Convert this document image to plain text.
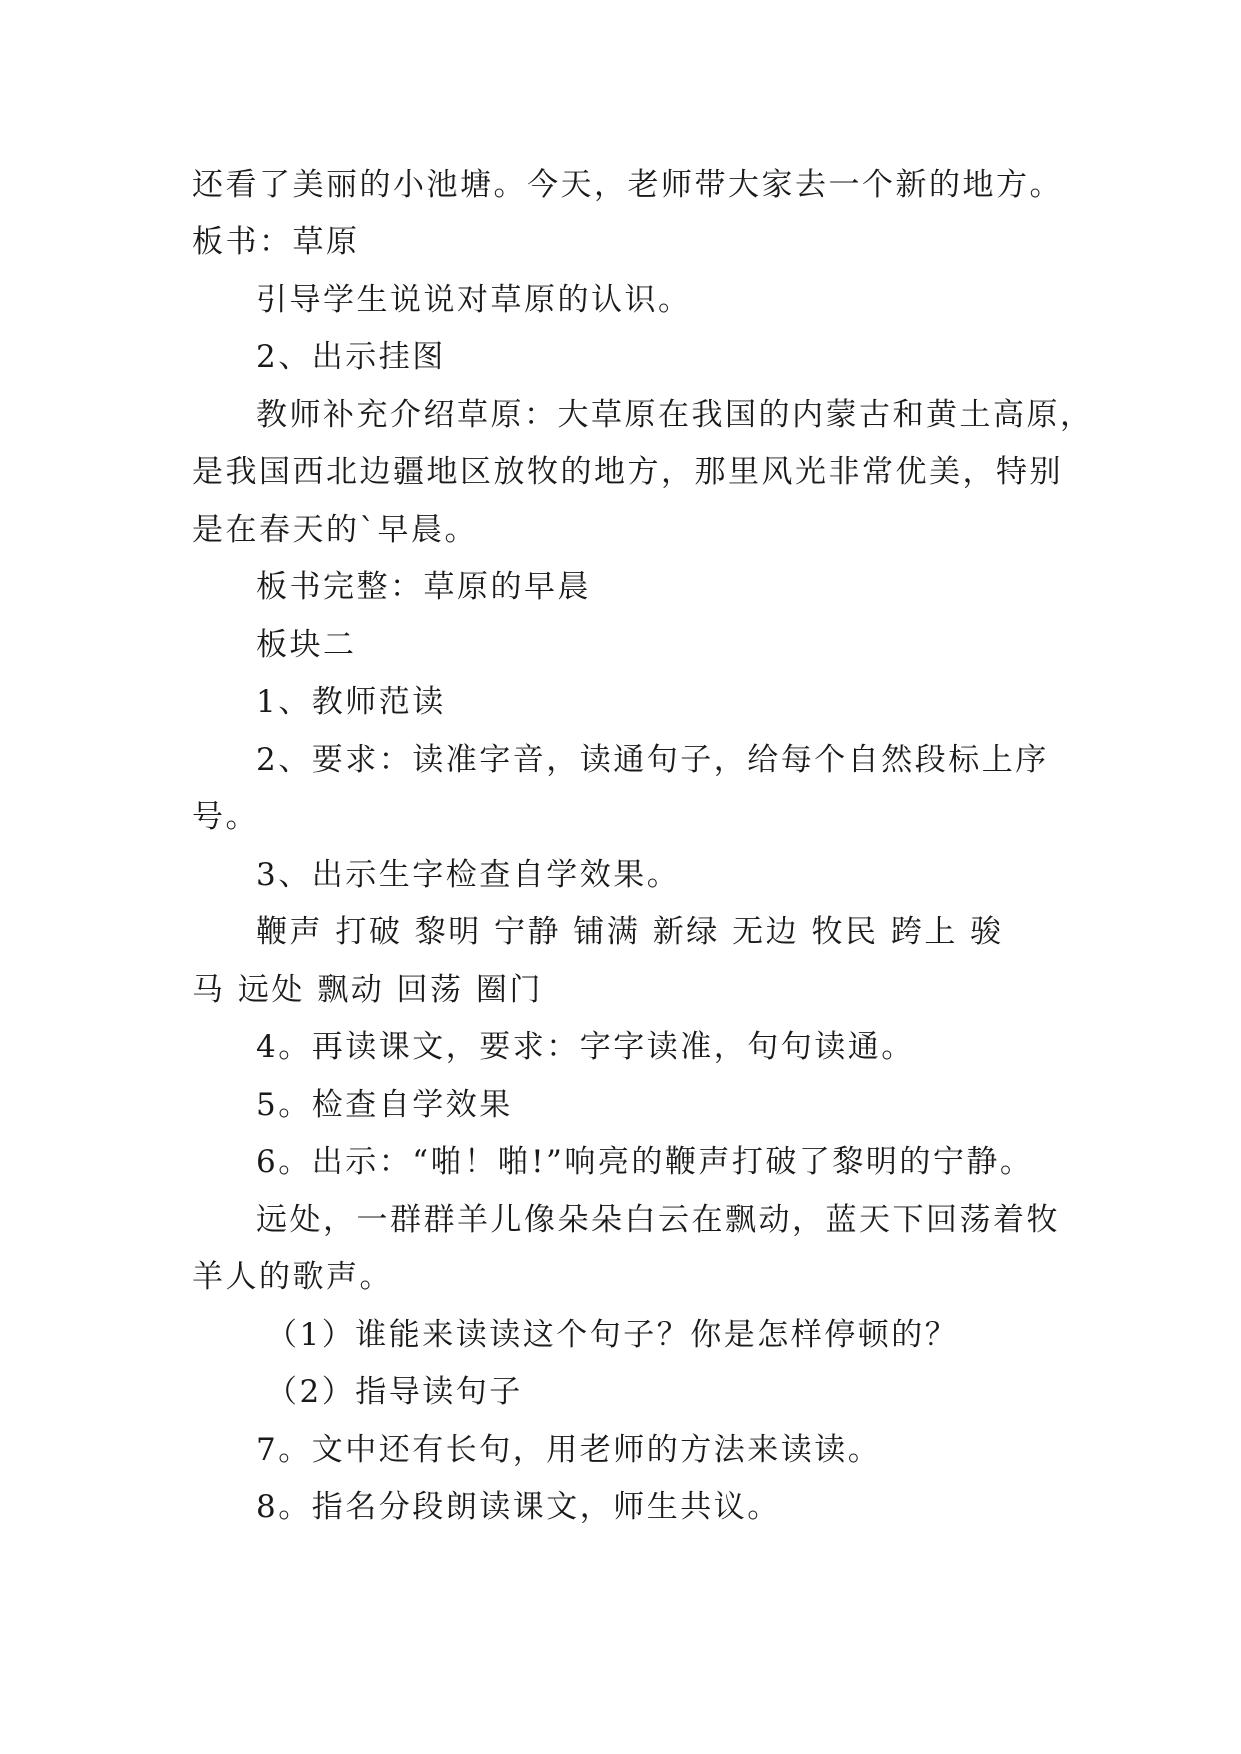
还看了美丽的小池塘。今天，老师带大家去一个新的地方。
板书：草原
引导学生说说对草原的认识。
2、出示挂图
教师补充介绍草原：大草原在我国的内蒙古和黄土高原，
是我国西北边疆地区放牧的地方，那里风光非常优美，特别
是在春天的`早晨。
板书完整：草原的早晨
板块二
1、教师范读
2、要求：读准字音，读通句子，给每个自然段标上序
号。
3、出示生字检查自学效果。
鞭声 打破 黎明 宁静 铺满 新绿 无边 牧民 跨上 骏
马 远处 飘动 回荡 圈门
4。再读课文，要求：字字读准，句句读通。
5。检查自学效果
6。出示：“啪！啪!”响亮的鞭声打破了黎明的宁静。
远处，一群群羊儿像朵朵白云在飘动，蓝天下回荡着牧
羊人的歌声。
（1）谁能来读读这个句子？你是怎样停顿的？
（2）指导读句子
7。文中还有长句，用老师的方法来读读。
8。指名分段朗读课文，师生共议。
